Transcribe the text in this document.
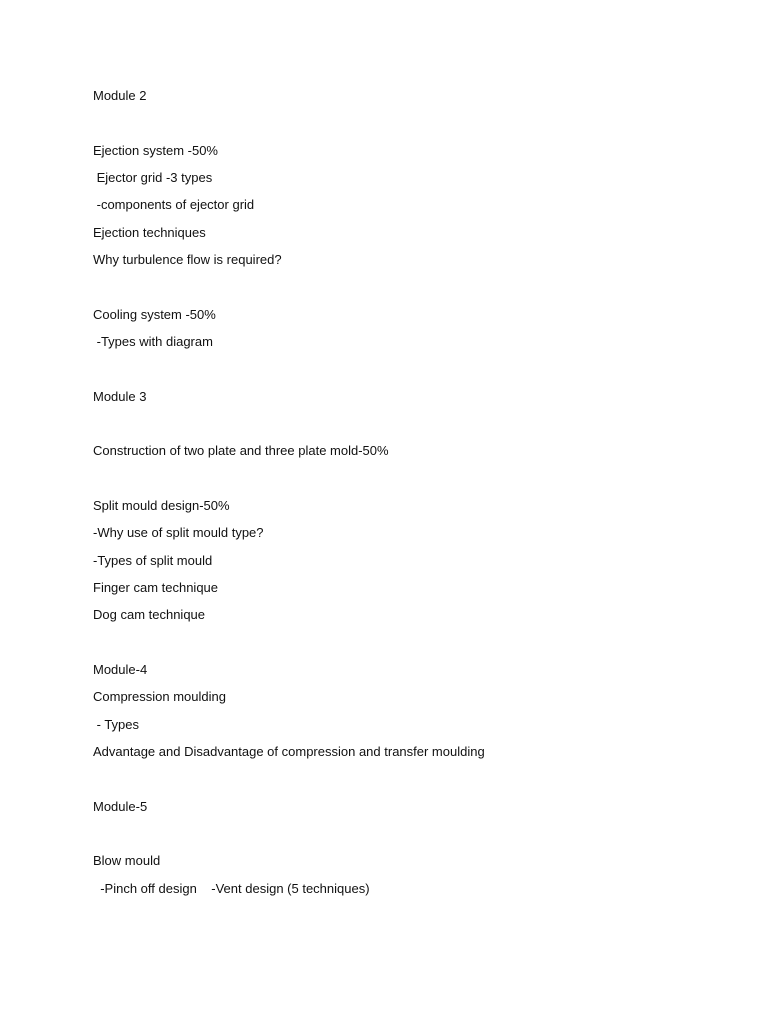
Module 2
Ejection system -50%
Ejector grid -3 types
-components of ejector grid
Ejection techniques
Why turbulence flow is required?
Cooling system -50%
-Types with diagram
Module 3
Construction of two plate and three plate mold-50%
Split mould design-50%
-Why use of split mould type?
-Types of split mould
Finger cam technique
Dog cam technique
Module-4
Compression moulding
- Types
Advantage and Disadvantage of compression and transfer moulding
Module-5
Blow mould
-Pinch off design    -Vent design (5 techniques)
